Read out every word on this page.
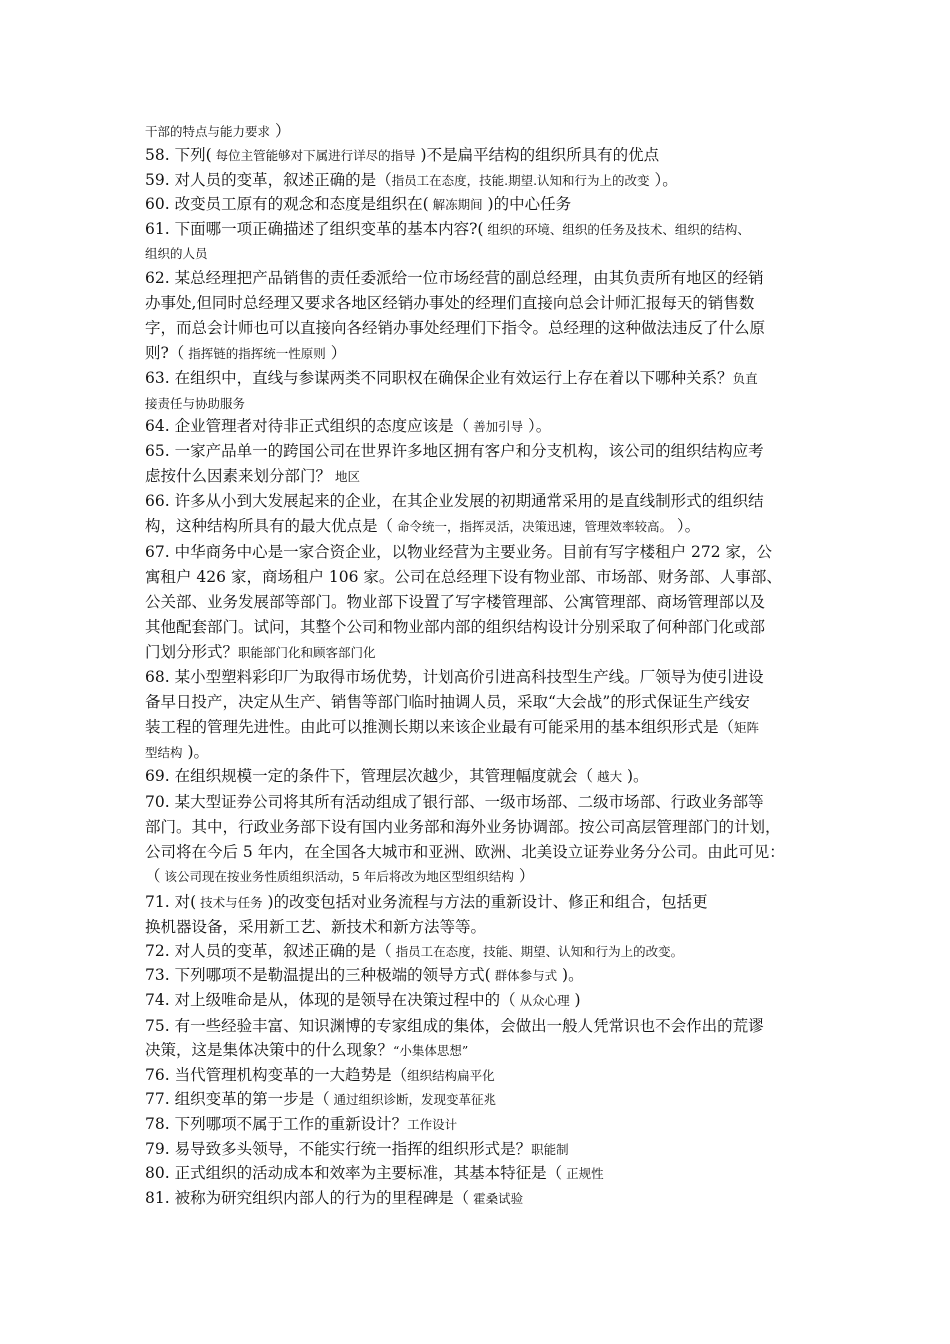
干部的特点与能力要求 ）
58. 下列( 每位主管能够对下属进行详尽的指导 )不是扁平结构的组织所具有的优点
59. 对人员的变革，叙述正确的是（指员工在态度，技能.期望.认知和行为上的改变 ）。
60. 改变员工原有的观念和态度是组织在( 解冻期间 )的中心任务
61. 下面哪一项正确描述了组织变革的基本内容?( 组织的环境、组织的任务及技术、组织的结构、
组织的人员
62. 某总经理把产品销售的责任委派给一位市场经营的副总经理，由其负责所有地区的经销
办事处,但同时总经理又要求各地区经销办事处的经理们直接向总会计师汇报每天的销售数
字，而总会计师也可以直接向各经销办事处经理们下指令。总经理的这种做法违反了什么原
则?（ 指挥链的指挥统一性原则 ）
63. 在组织中，直线与参谋两类不同职权在确保企业有效运行上存在着以下哪种关系？负直
接责任与协助服务
64. 企业管理者对待非正式组织的态度应该是（ 善加引导 ）。
65. 一家产品单一的跨国公司在世界许多地区拥有客户和分支机构，该公司的组织结构应考
虑按什么因素来划分部门？ 地区
66. 许多从小到大发展起来的企业，在其企业发展的初期通常采用的是直线制形式的组织结
构，这种结构所具有的最大优点是（ 命令统一，指挥灵活，决策迅速，管理效率较高。 ）。
67. 中华商务中心是一家合资企业，以物业经营为主要业务。目前有写字楼租户 272 家，公
寓租户 426 家，商场租户 106 家。公司在总经理下设有物业部、市场部、财务部、人事部、
公关部、业务发展部等部门。物业部下设置了写字楼管理部、公寓管理部、商场管理部以及
其他配套部门。试问，其整个公司和物业部内部的组织结构设计分别采取了何种部门化或部
门划分形式？职能部门化和顾客部门化
68. 某小型塑料彩印厂为取得市场优势，计划高价引进高科技型生产线。厂领导为使引进设
备早日投产，决定从生产、销售等部门临时抽调人员，采取“大会战”的形式保证生产线安
装工程的管理先进性。由此可以推测长期以来该企业最有可能采用的基本组织形式是（矩阵
型结构 )。
69. 在组织规模一定的条件下，管理层次越少，其管理幅度就会（ 越大 )。
70. 某大型证券公司将其所有活动组成了银行部、一级市场部、二级市场部、行政业务部等
部门。其中，行政业务部下设有国内业务部和海外业务协调部。按公司高层管理部门的计划，
公司将在今后 5 年内，在全国各大城市和亚洲、欧洲、北美设立证券业务分公司。由此可见：
（ 该公司现在按业务性质组织活动，5 年后将改为地区型组织结构 ）
71. 对( 技术与任务 )的改变包括对业务流程与方法的重新设计、修正和组合，包括更
换机器设备，采用新工艺、新技术和新方法等等。
72. 对人员的变革，叙述正确的是（ 指员工在态度，技能、期望、认知和行为上的改变。
73. 下列哪项不是勒温提出的三种极端的领导方式( 群体参与式 )。
74. 对上级唯命是从，体现的是领导在决策过程中的（ 从众心理 )
75. 有一些经验丰富、知识渊博的专家组成的集体，会做出一般人凭常识也不会作出的荒谬
决策，这是集体决策中的什么现象？“小集体思想”
76. 当代管理机构变革的一大趋势是（组织结构扁平化
77. 组织变革的第一步是（ 通过组织诊断，发现变革征兆
78. 下列哪项不属于工作的重新设计？工作设计
79. 易导致多头领导，不能实行统一指挥的组织形式是？职能制
80. 正式组织的活动成本和效率为主要标准，其基本特征是（ 正规性
81. 被称为研究组织内部人的行为的里程碑是（ 霍桑试验
